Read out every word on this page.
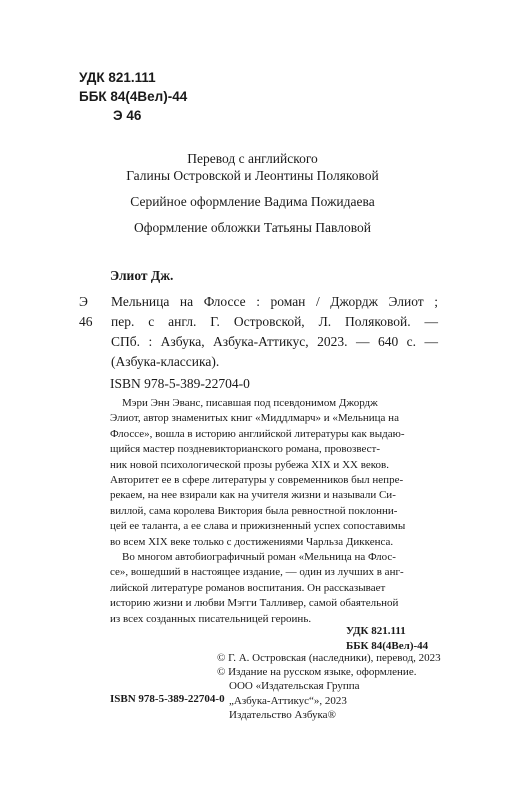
УДК 821.111
ББК 84(4Вел)-44
Э 46
Перевод с английского
Галины Островской и Леонтины Поляковой
Серийное оформление Вадима Пожидаева
Оформление обложки Татьяны Павловой
Элиот Дж.
Э 46
Мельница на Флоссе : роман / Джордж Элиот ;
пер. с англ. Г. Островской, Л. Поляковой. —
СПб. : Азбука, Азбука-Аттикус, 2023. — 640 с. —
(Азбука-классика).
ISBN 978-5-389-22704-0
Мэри Энн Эванс, писавшая под псевдонимом Джордж
Элиот, автор знаменитых книг «Миддлмарч» и «Мельница на
Флоссе», вошла в историю английской литературы как выдаю-
щийся мастер поздневикторианского романа, провозвест-
ник новой психологической прозы рубежа XIX и XX веков.
Авторитет ее в сфере литературы у современников был непре-
рекаем, на нее взирали как на учителя жизни и называли Си-
виллой, сама королева Виктория была ревностной поклонни-
цей ее таланта, а ее слава и прижизненный успех сопоставимы
во всем XIX веке только с достижениями Чарльза Диккенса.
Во многом автобиографичный роман «Мельница на Флос-
се», вошедший в настоящее издание, — один из лучших в анг-
лийской литературе романов воспитания. Он рассказывает
историю жизни и любви Мэгги Талливер, самой обаятельной
из всех созданных писательницей героинь.
УДК 821.111
ББК 84(4Вел)-44
© Г. А. Островская (наследники), перевод, 2023
© Издание на русском языке, оформление.
ООО «Издательская Группа
„Азбука-Аттикус“», 2023
Издательство Азбука®
ISBN 978-5-389-22704-0
